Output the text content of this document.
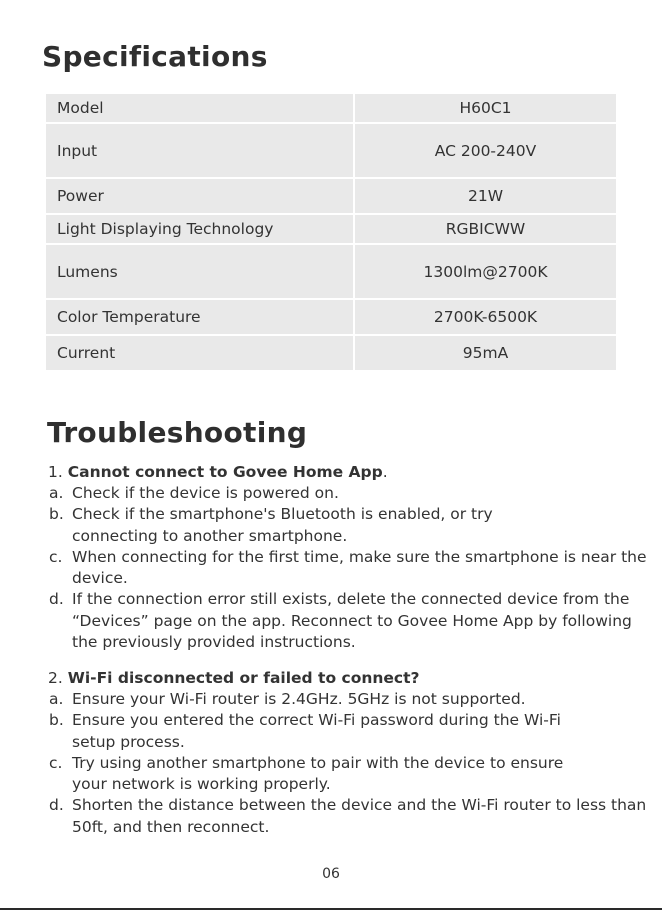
Specifications
Model	H60C1
Input	AC 200-240V
Power	21W
Light Displaying Technology	RGBICWW
Lumens	1300lm@2700K
Color Temperature	2700K-6500K
Current	95mA
Troubleshooting
1. Cannot connect to Govee Home App.
a. Check if the device is powered on.
b. Check if the smartphone's Bluetooth is enabled, or try connecting to another smartphone.
c. When connecting for the first time, make sure the smartphone is near the device.
d. If the connection error still exists, delete the connected device from the “Devices” page on the app. Reconnect to Govee Home App by following the previously provided instructions.
2. Wi-Fi disconnected or failed to connect?
a. Ensure your Wi-Fi router is 2.4GHz. 5GHz is not supported.
b. Ensure you entered the correct Wi-Fi password during the Wi-Fi setup process.
c. Try using another smartphone to pair with the device to ensure your network is working properly.
d. Shorten the distance between the device and the Wi-Fi router to less than 50ft, and then reconnect.
06
